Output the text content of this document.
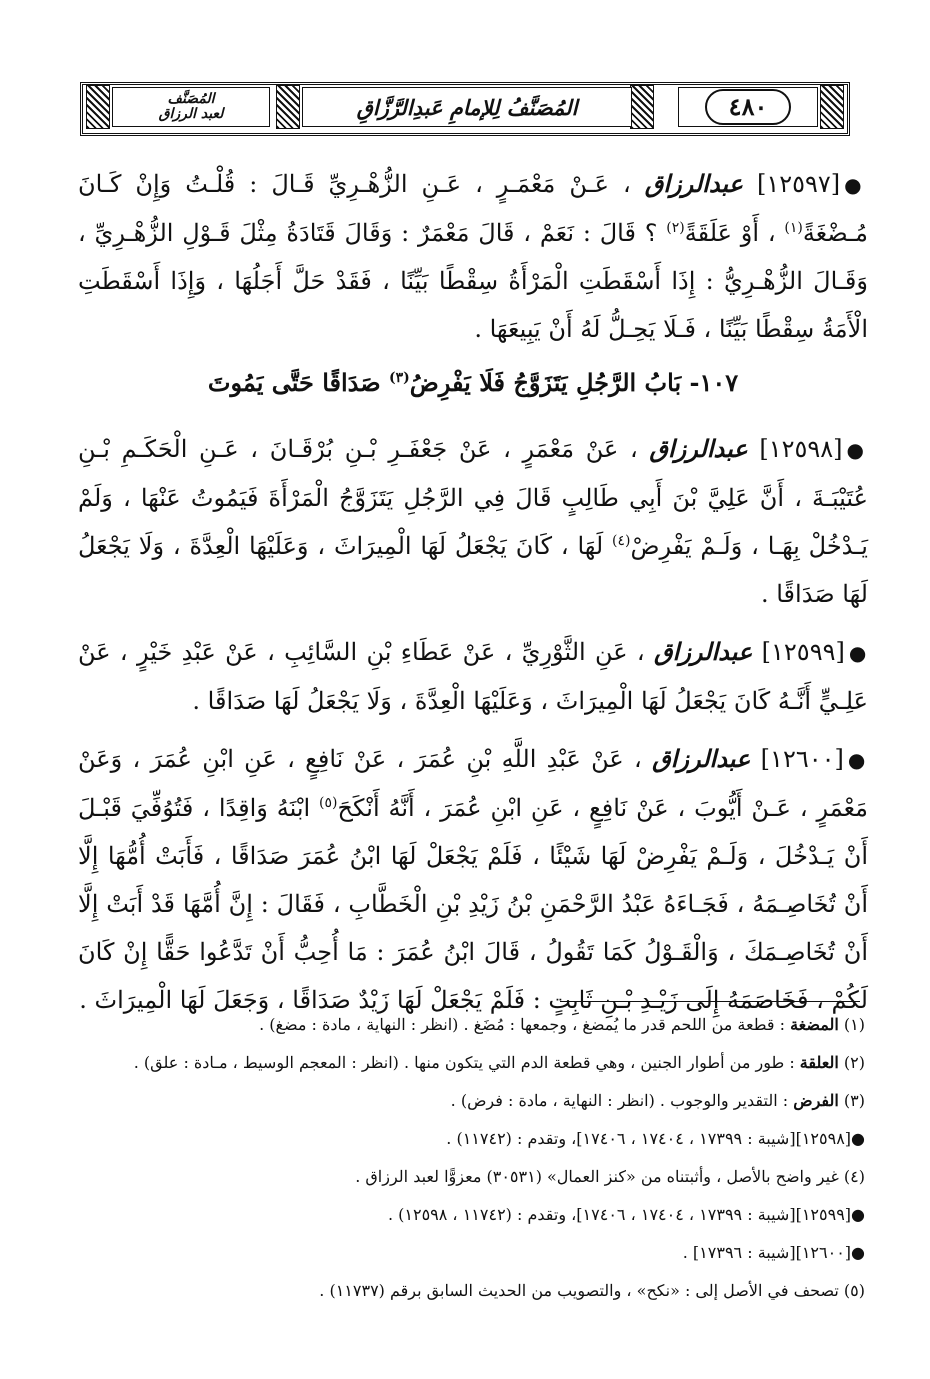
المُصَنَّف
لعبد الرزاق	المُصَنَّفُ لِلإمامِ عَبدِالرَّزَّاقِ	٤٨٠

●[١٢٥٩٧] عبدالرزاق ، عَـنْ مَعْمَـرٍ ، عَـنِ الزُّهْـرِيِّ قَـالَ : قُلْـتُ وَإِنْ كَـانَ مُـضْغَةً$^{(١)}$ ، أَوْ عَلَقَةً$^{(٢)}$ ؟ قَالَ : نَعَمْ ، قَالَ مَعْمَرٌ : وَقَالَ قَتَادَةُ مِثْلَ قَـوْلِ الزُّهْـرِيِّ ، وَقَـالَ الزُّهْـرِيُّ : إِذَا أَسْقَطَتِ الْمَرْأَةُ سِقْطًا بَيِّنًا ، فَقَدْ حَلَّ أَجَلُهَا ، وَإِذَا أَسْقَطَتِ الْأَمَةُ سِقْطًا بَيِّنًا ، فَـلَا يَحِـلُّ لَهُ أَنْ يَبِيعَهَا .

١٠٧- بَابُ الرَّجُلِ يَتَزَوَّجُ فَلَا يَفْرِضُ$^{(٣)}$ صَدَاقًا حَتَّى يَمُوتَ

●[١٢٥٩٨] عبدالرزاق ، عَنْ مَعْمَرٍ ، عَنْ جَعْفَـرِ بْـنِ بُرْقَـانَ ، عَـنِ الْحَكَـمِ بْـنِ عُتَيْبَـةَ ، أَنَّ عَلِيَّ بْنَ أَبِي طَالِبٍ قَالَ فِي الرَّجُلِ يَتَزَوَّجُ الْمَرْأَةَ فَيَمُوتُ عَنْهَا ، وَلَمْ يَـدْخُلْ بِهَـا ، وَلَـمْ يَفْرِضْ$^{(٤)}$ لَهَا ، كَانَ يَجْعَلُ لَهَا الْمِيرَاثَ ، وَعَلَيْهَا الْعِدَّةَ ، وَلَا يَجْعَلُ لَهَا صَدَاقًا .

●[١٢٥٩٩] عبدالرزاق ، عَنِ الثَّوْرِيِّ ، عَنْ عَطَاءِ بْنِ السَّائِبِ ، عَنْ عَبْدِ خَيْرٍ ، عَنْ عَلِـيٍّ أَنَّـهُ كَانَ يَجْعَلُ لَهَا الْمِيرَاثَ ، وَعَلَيْهَا الْعِدَّةَ ، وَلَا يَجْعَلُ لَهَا صَدَاقًا .

●[١٢٦٠٠] عبدالرزاق ، عَنْ عَبْدِ اللَّهِ بْنِ عُمَرَ ، عَنْ نَافِعٍ ، عَنِ ابْنِ عُمَرَ ، وَعَنْ مَعْمَرٍ ، عَـنْ أَيُّوبَ ، عَنْ نَافِعٍ ، عَنِ ابْنِ عُمَرَ ، أَنَّهُ أَنْكَحَ$^{(٥)}$ ابْنَهُ وَاقِدًا ، فَتُوُفِّيَ قَبْـلَ أَنْ يَـدْخُلَ ، وَلَـمْ يَفْرِضْ لَهَا شَيْئًا ، فَلَمْ يَجْعَلْ لَهَا ابْنُ عُمَرَ صَدَاقًا ، فَأَبَتْ أُمُّهَا إِلَّا أَنْ تُخَاصِـمَهُ ، فَجَـاءَهُ عَبْدُ الرَّحْمَنِ بْنُ زَيْدِ بْنِ الْخَطَّابِ ، فَقَالَ : إِنَّ أُمَّهَا قَدْ أَبَتْ إِلَّا أَنْ تُخَاصِـمَكَ ، وَالْقَـوْلُ كَمَا تَقُولُ ، قَالَ ابْنُ عُمَرَ : مَا أُحِبُّ أَنْ تَدَّعُوا حَقًّا إِنْ كَانَ لَكُمْ ، فَخَاصَمَهُ إِلَى زَيْـدِ بْـنِ ثَابِتٍ : فَلَمْ يَجْعَلْ لَهَا زَيْدٌ صَدَاقًا ، وَجَعَلَ لَهَا الْمِيرَاثَ .

(١) المضغة : قطعة من اللحم قدر ما يُمضغ ، وجمعها : مُضَغ . (انظر : النهاية ، مادة : مضغ) .

(٢) العلقة : طور من أطوار الجنين ، وهي قطعة الدم التي يتكون منها . (انظر : المعجم الوسيط ، مـادة : علق) .

(٣) الفرض : التقدير والوجوب . (انظر : النهاية ، مادة : فرض) .

●[١٢٥٩٨][شيبة : ١٧٣٩٩ ، ١٧٤٠٤ ، ١٧٤٠٦]، وتقدم : (١١٧٤٢) .

(٤) غير واضح بالأصل ، وأثبتناه من «كنز العمال» (٣٠٥٣١) معزوًّا لعبد الرزاق .

●[١٢٥٩٩][شيبة : ١٧٣٩٩ ، ١٧٤٠٤ ، ١٧٤٠٦]، وتقدم : (١١٧٤٢ ، ١٢٥٩٨) .

●[١٢٦٠٠][شيبة : ١٧٣٩٦] .

(٥) تصحف في الأصل إلى : «نكح» ، والتصويب من الحديث السابق برقم (١١٧٣٧) .
